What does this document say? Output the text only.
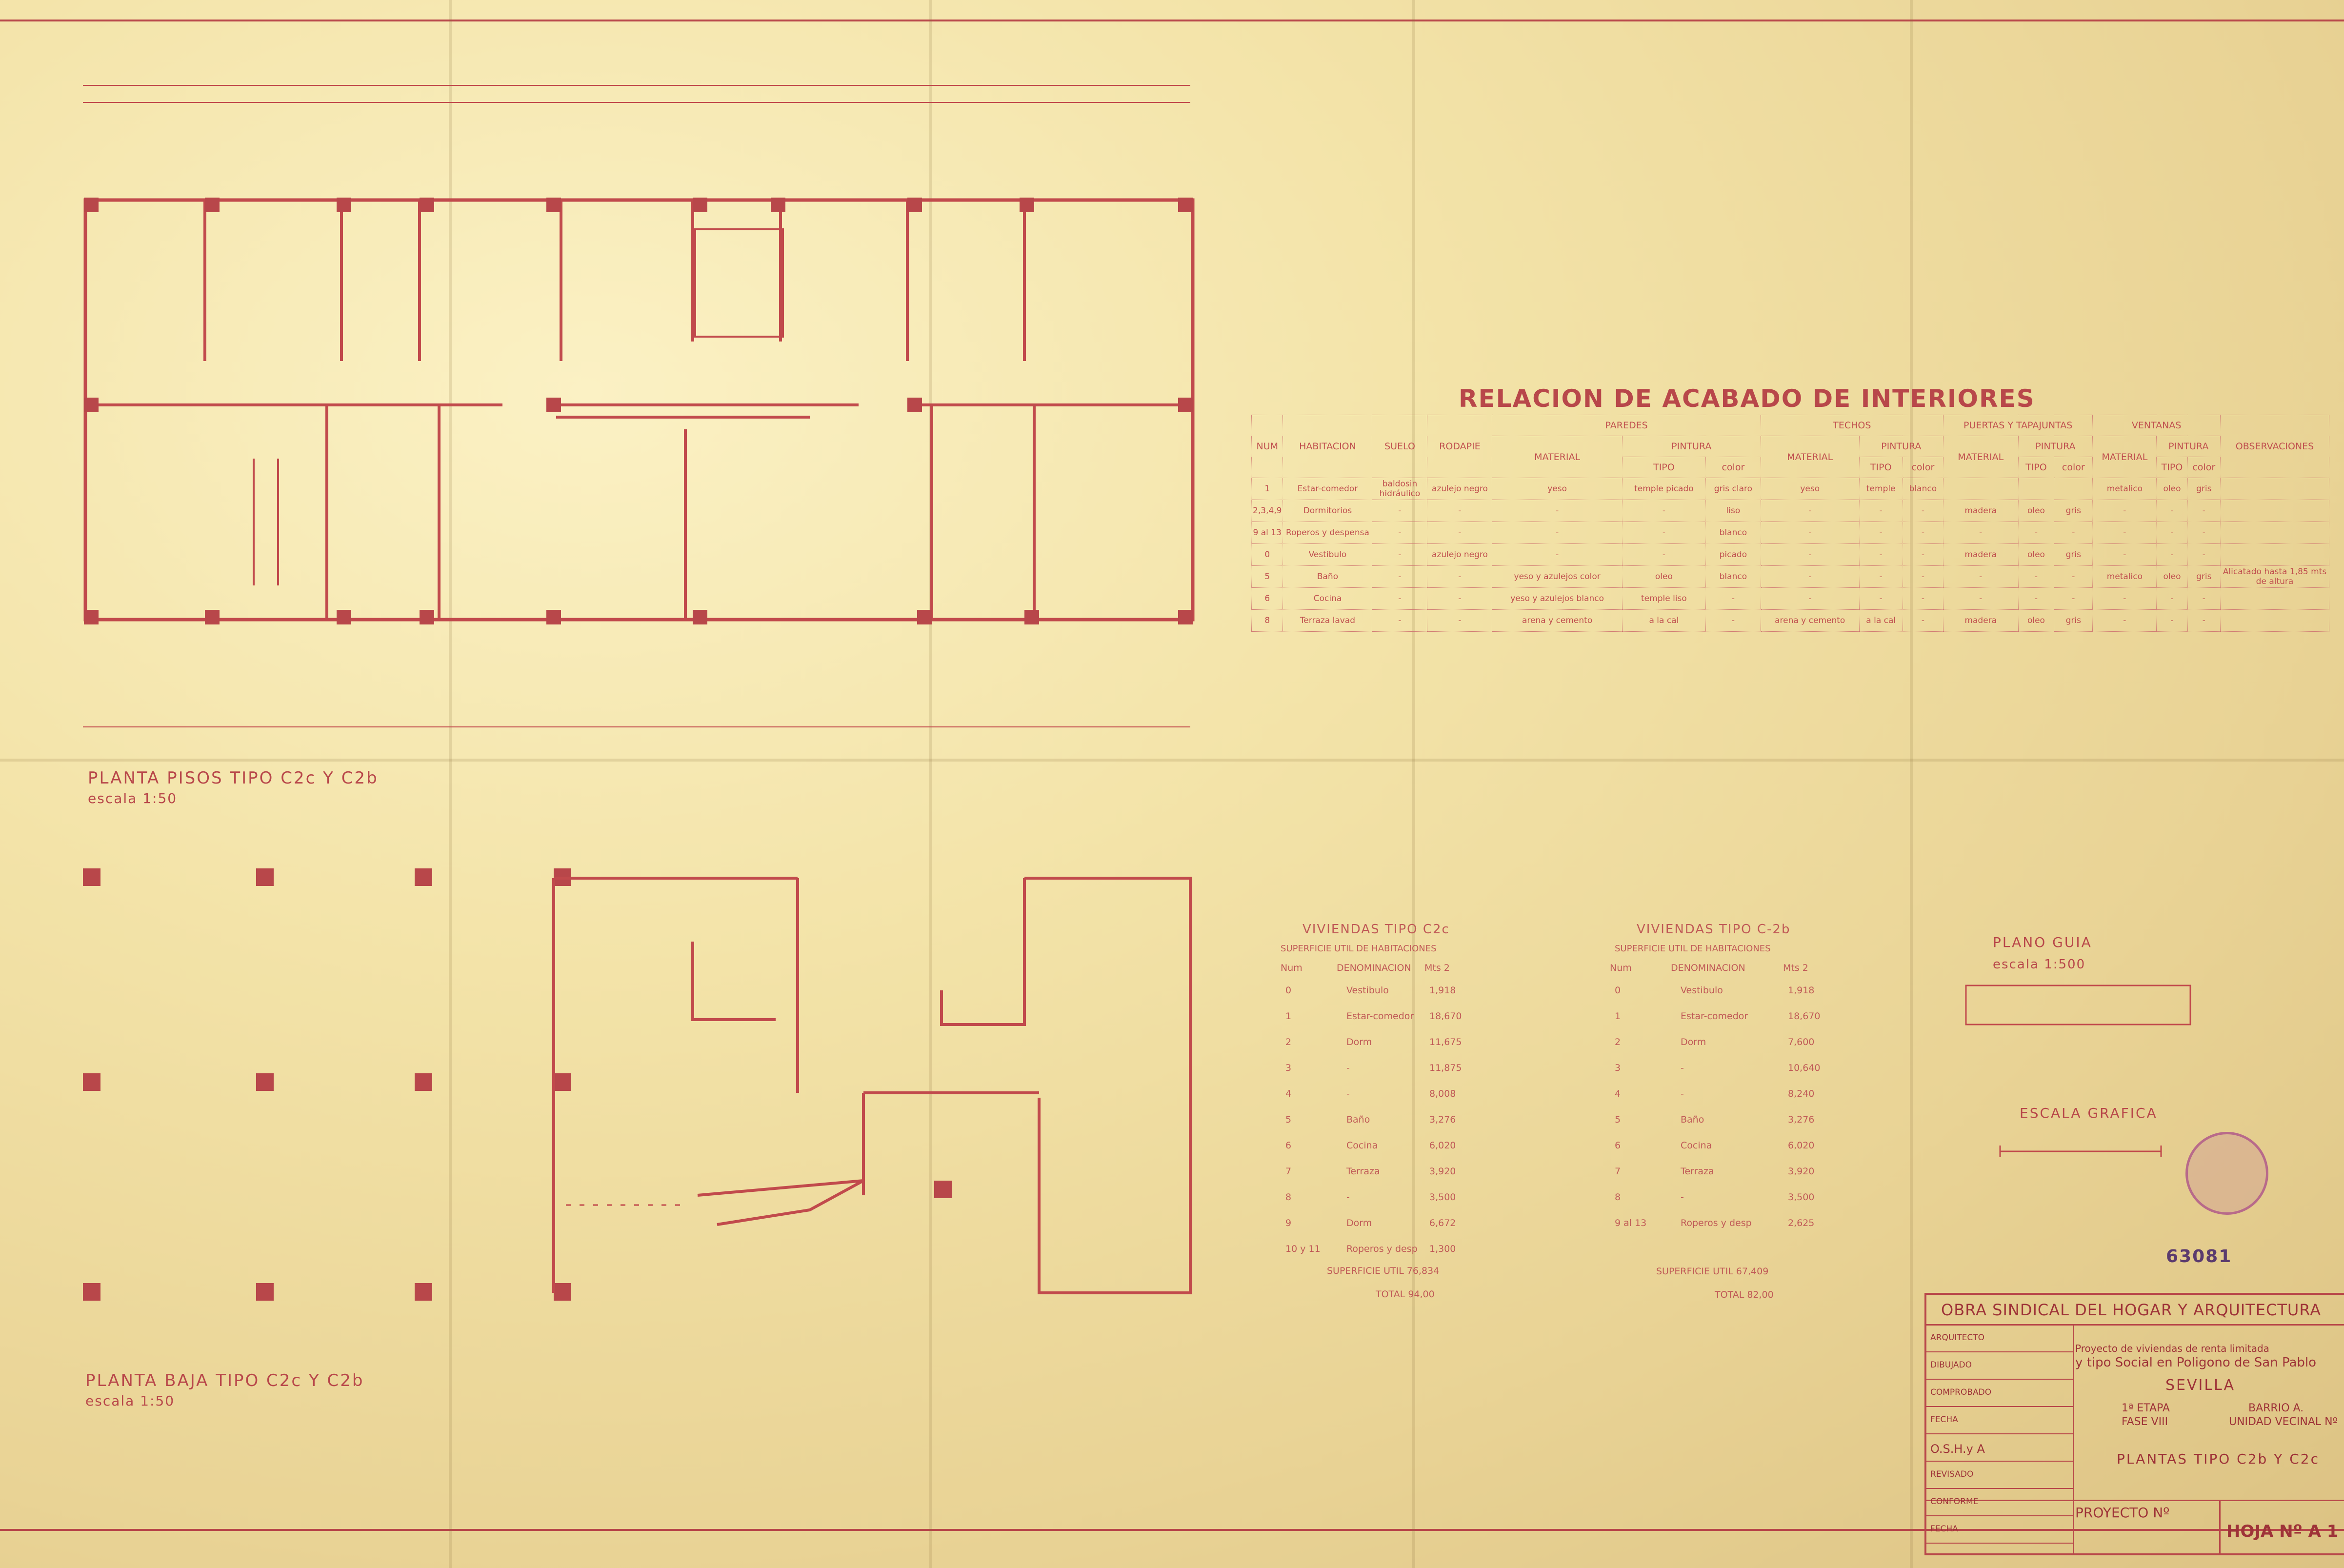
RELACION DE ACABADO DE INTERIORES
NUM	HABITACION	SUELO	RODAPIE	PAREDES			TECHOS			PUERTAS Y TAPAJUNTAS			VENTANAS			OBSERVACIONES
				MATERIAL	PINTURA		MATERIAL	PINTURA		MATERIAL	PINTURA		MATERIAL	PINTURA		
					TIPO	color		TIPO	color		TIPO	color		TIPO	color	
1	Estar-comedor	baldosin hidráulico	azulejo negro	yeso	temple picado	gris claro	yeso	temple	blanco				metalico	oleo	gris	
2,3,4,9	Dormitorios	-	-	-	-	liso	-	-	-	madera	oleo	gris	-	-	-	
9 al 13	Roperos y despensa	-	-	-	-	blanco	-	-	-	-	-	-	-	-	-	
0	Vestibulo	-	azulejo negro	-	-	picado	-	-	-	madera	oleo	gris	-	-	-	
5	Baño	-	-	yeso y azulejos color	oleo	blanco	-	-	-	-	-	-	metalico	oleo	gris	Alicatado hasta 1,85 mts de altura
6	Cocina	-	-	yeso y azulejos blanco	temple liso	-	-	-	-	-	-	-	-	-	-	
8	Terraza lavad	-	-	arena y cemento	a la cal	-	arena y cemento	a la cal	-	madera	oleo	gris	-	-	-	
PLANTA PISOS TIPO C2c Y C2b
escala 1:50
PLANTA BAJA TIPO C2c Y C2b
escala 1:50
VIVIENDAS TIPO C2c
SUPERFICIE UTIL DE HABITACIONES
Num	DENOMINACION Mts 2
0	Vestibulo	1,918
1	Estar-comedor 18,670
2	Dorm	11,675
3	-	11,875
4	-	8,008
5	Baño	3,276
6	Cocina	6,020
7	Terraza	3,920
8	-	3,500
9	Dorm	6,672
10 y 11	Roperos y desp 1,300
SUPERFICIE UTIL 76,834
TOTAL 94,00
VIVIENDAS TIPO C-2b
SUPERFICIE UTIL DE HABITACIONES
Num	DENOMINACION	Mts 2
0	Vestibulo	1,918
1	Estar-comedor	18,670
2	Dorm	7,600
3	-	10,640
4	-	8,240
5	Baño	3,276
6	Cocina	6,020
7	Terraza	3,920
8	-	3,500
9 al 13	Roperos y desp	2,625
SUPERFICIE UTIL 67,409
TOTAL 82,00
PLANO GUIA
escala 1:500
ESCALA GRAFICA
63081
OBRA SINDICAL DEL HOGAR Y ARQUITECTURA
ARQUITECTO
DIBUJADO
COMPROBADO
FECHA
O.S.H.y A
REVISADO
CONFORME
FECHA
Proyecto de viviendas de renta limitada
y tipo Social en Poligono de San Pablo
SEVILLA
1ª ETAPA
FASE VIII
BARRIO A.
UNIDAD VECINAL Nº
PLANTAS TIPO C2b Y C2c
PROYECTO Nº
HOJA Nº A 1
